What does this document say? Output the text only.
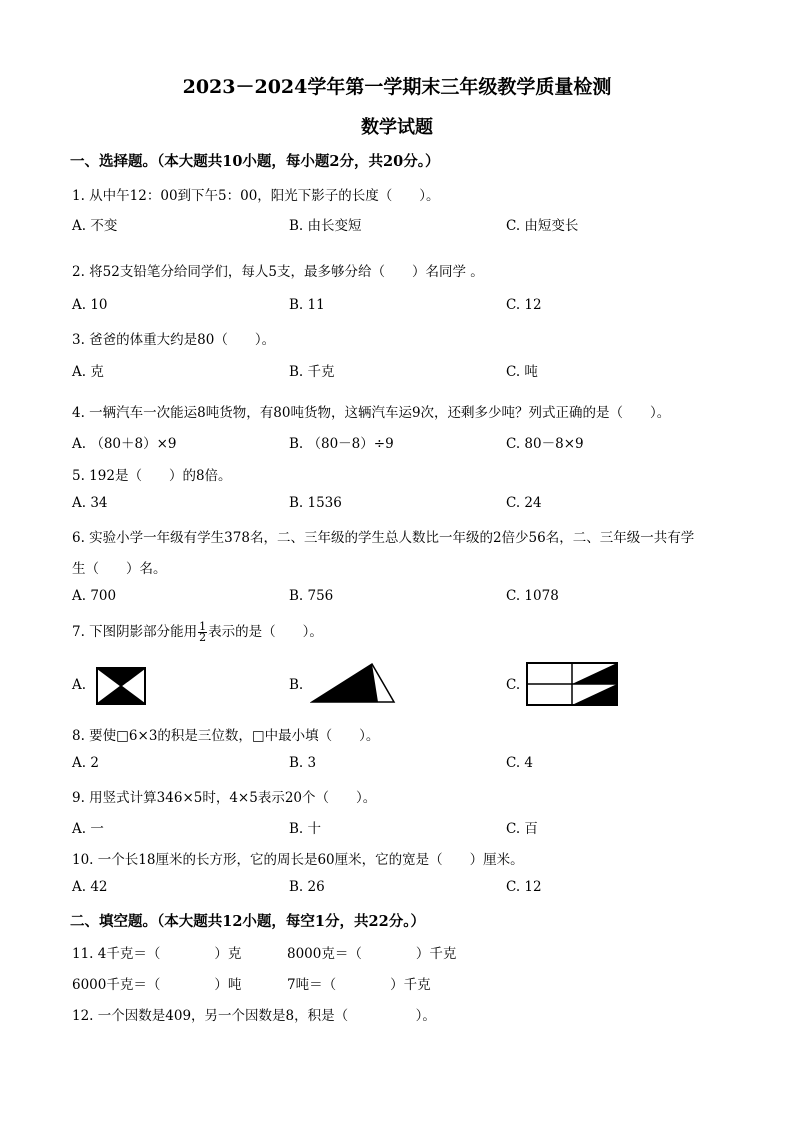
2023－2024学年第一学期末三年级教学质量检测
数学试题
一、选择题。（本大题共10小题，每小题2分，共20分。）
1. 从中午12：00到下午5：00，阳光下影子的长度（　　）。
A. 不变	B. 由长变短	C. 由短变长
2. 将52支铅笔分给同学们，每人5支，最多够分给（　　）名同学 。
A. 10	B. 11	C. 12
3. 爸爸的体重大约是80（　　）。
A. 克	B. 千克	C. 吨
4. 一辆汽车一次能运8吨货物，有80吨货物，这辆汽车运9次，还剩多少吨？列式正确的是（　　）。
A. （80＋8）×9	B. （80－8）÷9	C. 80－8×9
5. 192是（　　）的8倍。
A. 34	B. 1536	C. 24
6. 实验小学一年级有学生378名，二、三年级的学生总人数比一年级的2倍少56名，二、三年级一共有学
生（　　）名。
A. 700	B. 756	C. 1078
7. 下图阴影部分能用 $\frac{1}{2}$ 表示的是（　　）。
A.	B.	C.
8. 要使□6×3的积是三位数，□中最小填（　　）。
A. 2	B. 3	C. 4
9. 用竖式计算346×5时，4×5表示20个（　　）。
A. 一	B. 十	C. 百
10. 一个长18厘米的长方形，它的周长是60厘米，它的宽是（　　）厘米。
A. 42	B. 26	C. 12
二、填空题。（本大题共12小题，每空1分，共22分。）
11. 4千克＝（　　　　）克	8000克＝（　　　　）千克
6000千克＝（　　　　）吨	7吨＝（　　　　）千克
12. 一个因数是409，另一个因数是8，积是（　　　　　）。
